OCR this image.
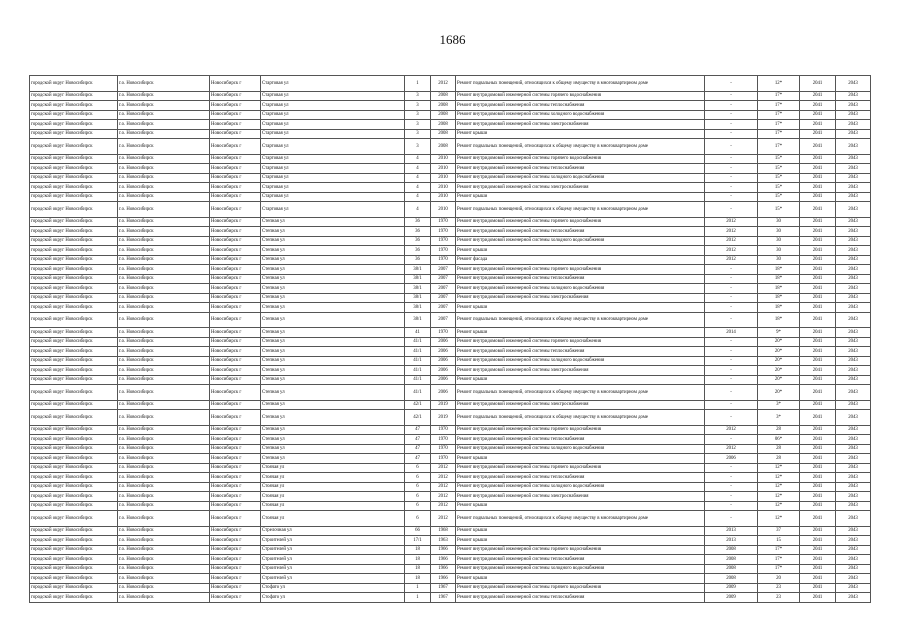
1686
городской округ Новосибирск	г.о. Новосибирск	Новосибирск г	Стартовая ул	1	2012	Ремонт подвальных помещений, относящихся к общему имуществу в многоквартирном доме	-	12*	2041	2043
городской округ Новосибирск	г.о. Новосибирск	Новосибирск г	Стартовая ул	3	2008	Ремонт внутридомовой инженерной системы горячего водоснабжения	-	17*	2041	2043
городской округ Новосибирск	г.о. Новосибирск	Новосибирск г	Стартовая ул	3	2008	Ремонт внутридомовой инженерной системы теплоснабжения	-	17*	2041	2043
городской округ Новосибирск	г.о. Новосибирск	Новосибирск г	Стартовая ул	3	2008	Ремонт внутридомовой инженерной системы холодного водоснабжения	-	17*	2041	2043
городской округ Новосибирск	г.о. Новосибирск	Новосибирск г	Стартовая ул	3	2008	Ремонт внутридомовой инженерной системы электроснабжения	-	17*	2041	2043
городской округ Новосибирск	г.о. Новосибирск	Новосибирск г	Стартовая ул	3	2008	Ремонт крыши	-	17*	2041	2043
городской округ Новосибирск	г.о. Новосибирск	Новосибирск г	Стартовая ул	3	2008	Ремонт подвальных помещений, относящихся к общему имуществу в многоквартирном доме	-	17*	2041	2043
городской округ Новосибирск	г.о. Новосибирск	Новосибирск г	Стартовая ул	4	2010	Ремонт внутридомовой инженерной системы горячего водоснабжения	-	15*	2041	2043
городской округ Новосибирск	г.о. Новосибирск	Новосибирск г	Стартовая ул	4	2010	Ремонт внутридомовой инженерной системы теплоснабжения	-	15*	2041	2043
городской округ Новосибирск	г.о. Новосибирск	Новосибирск г	Стартовая ул	4	2010	Ремонт внутридомовой инженерной системы холодного водоснабжения	-	15*	2041	2043
городской округ Новосибирск	г.о. Новосибирск	Новосибирск г	Стартовая ул	4	2010	Ремонт внутридомовой инженерной системы электроснабжения	-	15*	2041	2043
городской округ Новосибирск	г.о. Новосибирск	Новосибирск г	Стартовая ул	4	2010	Ремонт крыши	-	15*	2041	2043
городской округ Новосибирск	г.о. Новосибирск	Новосибирск г	Стартовая ул	4	2010	Ремонт подвальных помещений, относящихся к общему имуществу в многоквартирном доме	-	15*	2041	2043
городской округ Новосибирск	г.о. Новосибирск	Новосибирск г	Степная ул	36	1970	Ремонт внутридомовой инженерной системы горячего водоснабжения	2012	30	2041	2043
городской округ Новосибирск	г.о. Новосибирск	Новосибирск г	Степная ул	36	1970	Ремонт внутридомовой инженерной системы теплоснабжения	2012	30	2041	2043
городской округ Новосибирск	г.о. Новосибирск	Новосибирск г	Степная ул	36	1970	Ремонт внутридомовой инженерной системы холодного водоснабжения	2012	30	2041	2043
городской округ Новосибирск	г.о. Новосибирск	Новосибирск г	Степная ул	36	1970	Ремонт крыши	2012	30	2041	2043
городской округ Новосибирск	г.о. Новосибирск	Новосибирск г	Степная ул	36	1970	Ремонт фасада	2012	30	2041	2043
городской округ Новосибирск	г.о. Новосибирск	Новосибирск г	Степная ул	38/1	2007	Ремонт внутридомовой инженерной системы горячего водоснабжения	-	18*	2041	2043
городской округ Новосибирск	г.о. Новосибирск	Новосибирск г	Степная ул	38/1	2007	Ремонт внутридомовой инженерной системы теплоснабжения	-	18*	2041	2043
городской округ Новосибирск	г.о. Новосибирск	Новосибирск г	Степная ул	38/1	2007	Ремонт внутридомовой инженерной системы холодного водоснабжения	-	18*	2041	2043
городской округ Новосибирск	г.о. Новосибирск	Новосибирск г	Степная ул	38/1	2007	Ремонт внутридомовой инженерной системы электроснабжения	-	18*	2041	2043
городской округ Новосибирск	г.о. Новосибирск	Новосибирск г	Степная ул	38/1	2007	Ремонт крыши	-	18*	2041	2043
городской округ Новосибирск	г.о. Новосибирск	Новосибирск г	Степная ул	38/1	2007	Ремонт подвальных помещений, относящихся к общему имуществу в многоквартирном доме	-	18*	2041	2043
городской округ Новосибирск	г.о. Новосибирск	Новосибирск г	Степная ул	41	1970	Ремонт крыши	2014	9*	2041	2043
городской округ Новосибирск	г.о. Новосибирск	Новосибирск г	Степная ул	41/1	2006	Ремонт внутридомовой инженерной системы горячего водоснабжения	-	20*	2041	2043
городской округ Новосибирск	г.о. Новосибирск	Новосибирск г	Степная ул	41/1	2006	Ремонт внутридомовой инженерной системы теплоснабжения	-	20*	2041	2043
городской округ Новосибирск	г.о. Новосибирск	Новосибирск г	Степная ул	41/1	2006	Ремонт внутридомовой инженерной системы холодного водоснабжения	-	20*	2041	2043
городской округ Новосибирск	г.о. Новосибирск	Новосибирск г	Степная ул	41/1	2006	Ремонт внутридомовой инженерной системы электроснабжения	-	20*	2041	2043
городской округ Новосибирск	г.о. Новосибирск	Новосибирск г	Степная ул	41/1	2006	Ремонт крыши	-	20*	2041	2043
городской округ Новосибирск	г.о. Новосибирск	Новосибирск г	Степная ул	41/1	2006	Ремонт подвальных помещений, относящихся к общему имуществу в многоквартирном доме	-	20*	2041	2043
городской округ Новосибирск	г.о. Новосибирск	Новосибирск г	Степная ул	42/1	2019	Ремонт внутридомовой инженерной системы электроснабжения	-	3*	2041	2043
городской округ Новосибирск	г.о. Новосибирск	Новосибирск г	Степная ул	42/1	2019	Ремонт подвальных помещений, относящихся к общему имуществу в многоквартирном доме	-	3*	2041	2043
городской округ Новосибирск	г.о. Новосибирск	Новосибирск г	Степная ул	47	1970	Ремонт внутридомовой инженерной системы горячего водоснабжения	2012	28	2041	2043
городской округ Новосибирск	г.о. Новосибирск	Новосибирск г	Степная ул	47	1970	Ремонт внутридомовой инженерной системы теплоснабжения	-	06*	2041	2043
городской округ Новосибирск	г.о. Новосибирск	Новосибирск г	Степная ул	47	1970	Ремонт внутридомовой инженерной системы холодного водоснабжения	2012	28	2041	2043
городской округ Новосибирск	г.о. Новосибирск	Новосибирск г	Степная ул	47	1970	Ремонт крыши	2006	28	2041	2043
городской округ Новосибирск	г.о. Новосибирск	Новосибирск г	Стоячая ул	6	2012	Ремонт внутридомовой инженерной системы горячего водоснабжения	-	12*	2041	2043
городской округ Новосибирск	г.о. Новосибирск	Новосибирск г	Стоячая ул	6	2012	Ремонт внутридомовой инженерной системы теплоснабжения	-	12*	2041	2043
городской округ Новосибирск	г.о. Новосибирск	Новосибирск г	Стоячая ул	6	2012	Ремонт внутридомовой инженерной системы холодного водоснабжения	-	12*	2041	2043
городской округ Новосибирск	г.о. Новосибирск	Новосибирск г	Стоячая ул	6	2012	Ремонт внутридомовой инженерной системы электроснабжения	-	12*	2041	2043
городской округ Новосибирск	г.о. Новосибирск	Новосибирск г	Стоячая ул	6	2012	Ремонт крыши	-	12*	2041	2043
городской округ Новосибирск	г.о. Новосибирск	Новосибирск г	Стоячая ул	6	2012	Ремонт подвальных помещений, относящихся к общему имуществу в многоквартирном доме	-	12*	2041	2043
городской округ Новосибирск	г.о. Новосибирск	Новосибирск г	Стрелочная ул	66	1968	Ремонт крыши	2013	37	2041	2043
городской округ Новосибирск	г.о. Новосибирск	Новосибирск г	Строителей ул	17/1	1963	Ремонт крыши	2013	15	2041	2043
городской округ Новосибирск	г.о. Новосибирск	Новосибирск г	Строителей ул	18	1966	Ремонт внутридомовой инженерной системы горячего водоснабжения	2008	17*	2041	2043
городской округ Новосибирск	г.о. Новосибирск	Новосибирск г	Строителей ул	18	1966	Ремонт внутридомовой инженерной системы теплоснабжения	2008	17*	2041	2043
городской округ Новосибирск	г.о. Новосибирск	Новосибирск г	Строителей ул	18	1966	Ремонт внутридомовой инженерной системы холодного водоснабжения	2008	17*	2041	2043
городской округ Новосибирск	г.о. Новосибирск	Новосибирск г	Строителей ул	18	1966	Ремонт крыши	2008	20	2041	2043
городской округ Новосибирск	г.о. Новосибирск	Новосибирск г	Стофато ул	1	1967	Ремонт внутридомовой инженерной системы горячего водоснабжения	2009	23	2041	2043
городской округ Новосибирск	г.о. Новосибирск	Новосибирск г	Стофато ул	1	1967	Ремонт внутридомовой инженерной системы теплоснабжения	2009	23	2041	2043
